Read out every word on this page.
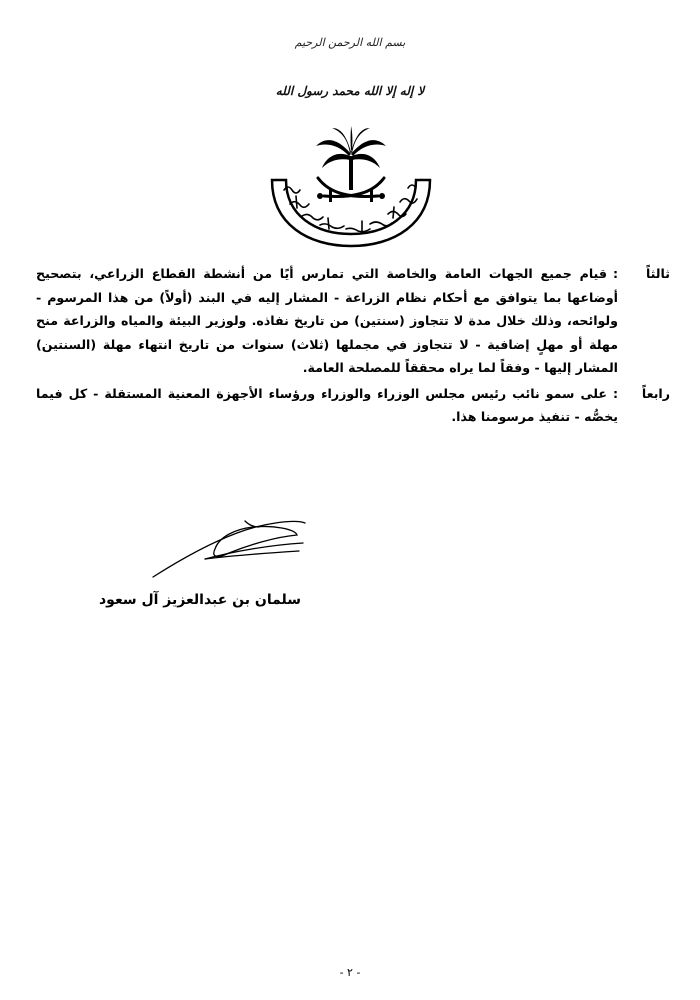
بسم الله الرحمن الرحيم
لا إله إلا الله محمد رسول الله
ثالثاً
:قيام جميع الجهات العامة والخاصة التي تمارس أيًا من أنشطة القطاع الزراعي، بتصحيح أوضاعها بما يتوافق مع أحكام نظام الزراعة - المشار إليه في البند (أولاً) من هذا المرسوم - ولوائحه، وذلك خلال مدة لا تتجاوز (سنتين) من تاريخ نفاذه. ولوزير البيئة والمياه والزراعة منح مهلة أو مهلٍ إضافية - لا تتجاوز في مجملها (ثلاث) سنوات من تاريخ انتهاء مهلة (السنتين) المشار إليها - وفقاً لما يراه محققاً للمصلحة العامة.
رابعاً
:على سمو نائب رئيس مجلس الوزراء والوزراء ورؤساء الأجهزة المعنية المستقلة - كل فيما يخصُّه - تنفيذ مرسومنا هذا.
سلمان بن عبدالعزيز آل سعود
- ٢ -
